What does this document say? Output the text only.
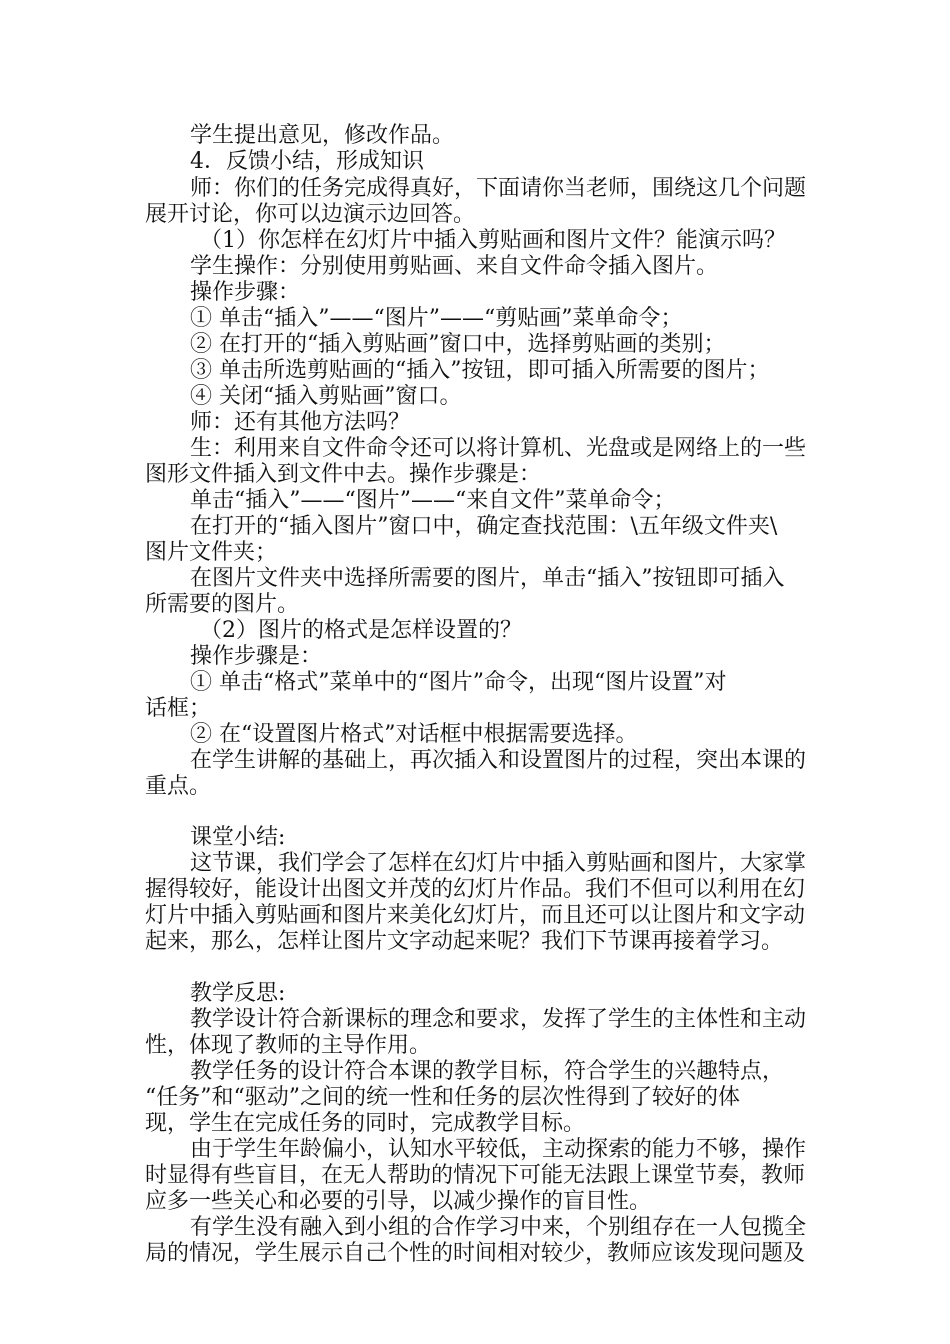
学生提出意见，修改作品。
4．反馈小结，形成知识
师：你们的任务完成得真好，下面请你当老师，围绕这几个问题
展开讨论，你可以边演示边回答。
（1）你怎样在幻灯片中插入剪贴画和图片文件？能演示吗？
学生操作：分别使用剪贴画、来自文件命令插入图片。
操作步骤：
① 单击“插入”——“图片”——“剪贴画”菜单命令；
② 在打开的“插入剪贴画”窗口中，选择剪贴画的类别；
③ 单击所选剪贴画的“插入”按钮，即可插入所需要的图片；
④ 关闭“插入剪贴画”窗口。
师：还有其他方法吗？
生：利用来自文件命令还可以将计算机、光盘或是网络上的一些
图形文件插入到文件中去。操作步骤是：
单击“插入”——“图片”——“来自文件”菜单命令；
在打开的“插入图片”窗口中，确定查找范围：\五年级文件夹\
图片文件夹；
在图片文件夹中选择所需要的图片，单击“插入”按钮即可插入
所需要的图片。
（2）图片的格式是怎样设置的？
操作步骤是：
① 单击“格式”菜单中的“图片”命令，出现“图片设置”对
话框；
② 在“设置图片格式”对话框中根据需要选择。
在学生讲解的基础上，再次插入和设置图片的过程，突出本课的
重点。
课堂小结:
这节课，我们学会了怎样在幻灯片中插入剪贴画和图片，大家掌
握得较好，能设计出图文并茂的幻灯片作品。我们不但可以利用在幻
灯片中插入剪贴画和图片来美化幻灯片，而且还可以让图片和文字动
起来，那么，怎样让图片文字动起来呢？我们下节课再接着学习。
教学反思:
教学设计符合新课标的理念和要求，发挥了学生的主体性和主动
性，体现了教师的主导作用。
教学任务的设计符合本课的教学目标，符合学生的兴趣特点，
“任务”和“驱动”之间的统一性和任务的层次性得到了较好的体
现，学生在完成任务的同时，完成教学目标。
由于学生年龄偏小，认知水平较低，主动探索的能力不够，操作
时显得有些盲目，在无人帮助的情况下可能无法跟上课堂节奏，教师
应多一些关心和必要的引导，以减少操作的盲目性。
有学生没有融入到小组的合作学习中来，个别组存在一人包揽全
局的情况，学生展示自己个性的时间相对较少，教师应该发现问题及
